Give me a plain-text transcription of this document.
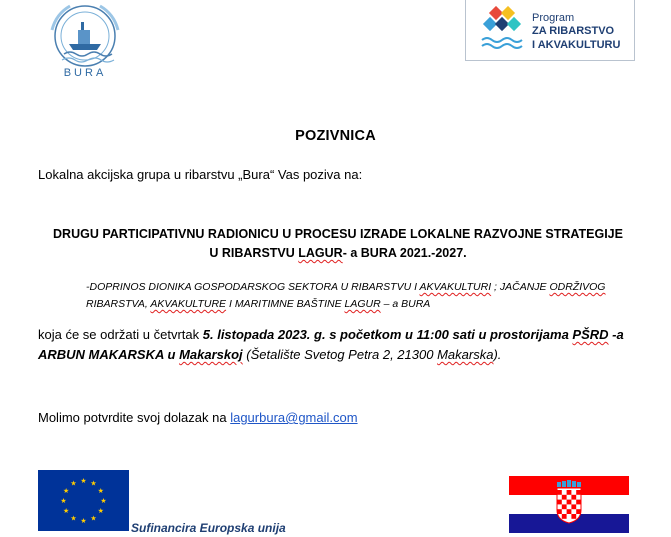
BURA
Program
ZA RIBARSTVO
I AKVAKULTURU
POZIVNICA
Lokalna akcijska grupa u ribarstvu „Bura“ Vas poziva na:
DRUGU PARTICIPATIVNU RADIONICU U PROCESU IZRADE LOKALNE RAZVOJNE STRATEGIJE
U RIBARSTVU LAGUR- a BURA 2021.-2027.
-DOPRINOS DIONIKA GOSPODARSKOG SEKTORA U RIBARSTVU I AKVAKULTURI ; JAČANJE ODRŽIVOG RIBARSTVA, AKVAKULTURE I MARITIMNE BAŠTINE LAGUR – a BURA
koja će se održati u četvrtak 5. listopada 2023. g. s početkom u 11:00 sati u prostorijama PŠRD -a ARBUN MAKARSKA u Makarskoj (Šetalište Svetog Petra 2, 21300 Makarska).
Molimo potvrdite svoj dolazak na lagurbura@gmail.com
★ ★
★
★
★
★
★
★
★
★
★
★
Sufinancira Europska unija
